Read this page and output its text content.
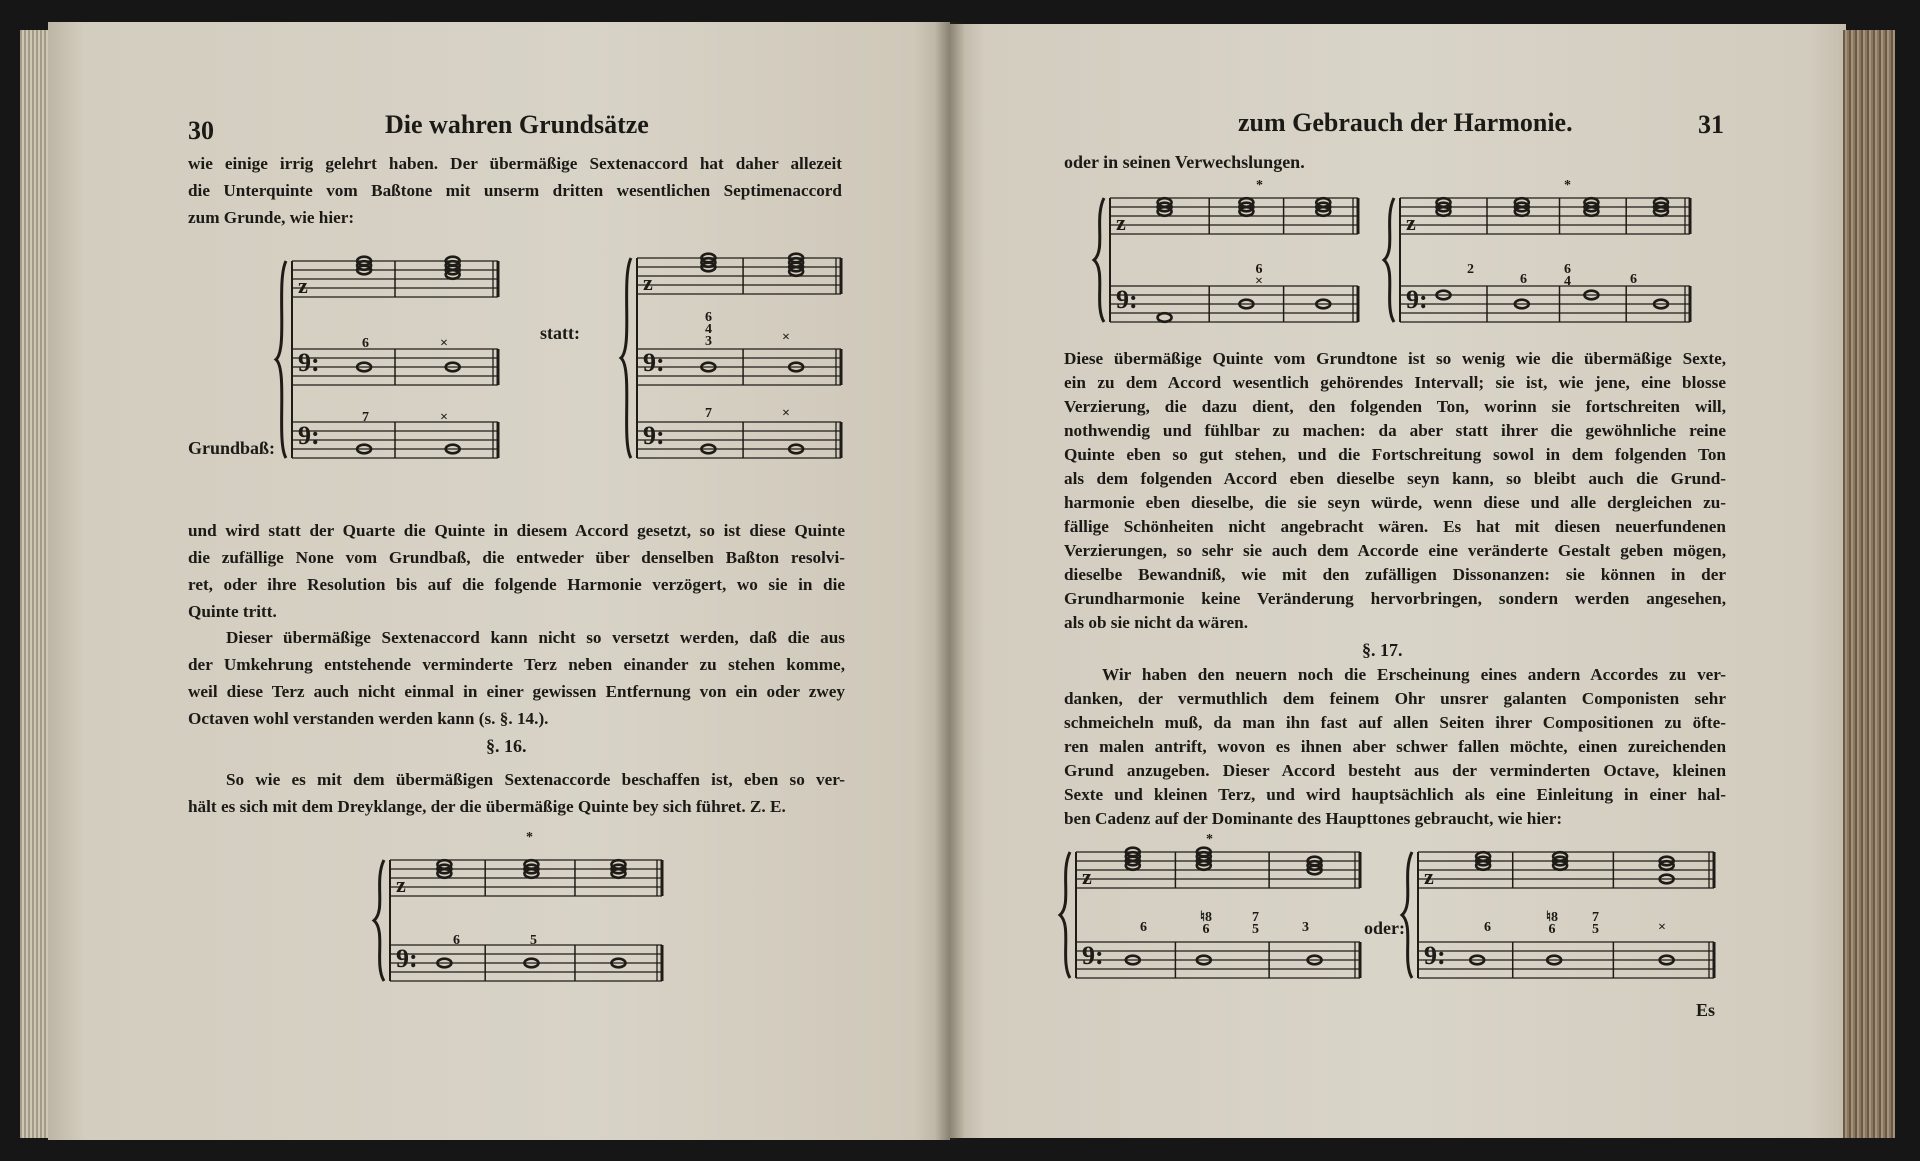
z
9:
9:
z
9:
9:
z
9:
z
9:
z
9:
z
9:
z
9:
30	Die wahren Grundsätze
wie einige irrig gelehrt haben. Der übermäßige Sextenaccord hat daher allezeit
die Unterquinte vom Baßtone mit unserm dritten wesentlichen Septimenaccord
zum Grunde, wie hier:
Grundbaß:
statt:
6	×
7	×
6
4
3	×
7	×
und wird statt der Quarte die Quinte in diesem Accord gesetzt, so ist diese Quinte
die zufällige None vom Grundbaß, die entweder über denselben Baßton resolvi-
ret, oder ihre Resolution bis auf die folgende Harmonie verzögert, wo sie in die
Quinte tritt.
Dieser übermäßige Sextenaccord kann nicht so versetzt werden, daß die aus
der Umkehrung entstehende verminderte Terz neben einander zu stehen komme,
weil diese Terz auch nicht einmal in einer gewissen Entfernung von ein oder zwey
Octaven wohl verstanden werden kann (s. §. 14.).
§. 16.
So wie es mit dem übermäßigen Sextenaccorde beschaffen ist, eben so ver-
hält es sich mit dem Dreyklange, der die übermäßige Quinte bey sich führet. Z. E.
*
6	5
zum Gebrauch der Harmonie.	31
oder in seinen Verwechslungen.
*	*
6
×
2
6
6
4	6
Diese übermäßige Quinte vom Grundtone ist so wenig wie die übermäßige Sexte,
ein zu dem Accord wesentlich gehörendes Intervall; sie ist, wie jene, eine blosse
Verzierung, die dazu dient, den folgenden Ton, worinn sie fortschreiten will,
nothwendig und fühlbar zu machen: da aber statt ihrer die gewöhnliche reine
Quinte eben so gut stehen, und die Fortschreitung sowol in dem folgenden Ton
als dem folgenden Accord eben dieselbe seyn kann, so bleibt auch die Grund-
harmonie eben dieselbe, die sie seyn würde, wenn diese und alle dergleichen zu-
fällige Schönheiten nicht angebracht wären. Es hat mit diesen neuerfundenen
Verzierungen, so sehr sie auch dem Accorde eine veränderte Gestalt geben mögen,
dieselbe Bewandniß, wie mit den zufälligen Dissonanzen: sie können in der
Grundharmonie keine Veränderung hervorbringen, sondern werden angesehen,
als ob sie nicht da wären.
§. 17.
Wir haben den neuern noch die Erscheinung eines andern Accordes zu ver-
danken, der vermuthlich dem feinem Ohr unsrer galanten Componisten sehr
schmeicheln muß, da man ihn fast auf allen Seiten ihrer Compositionen zu öfte-
ren malen antrift, wovon es ihnen aber schwer fallen möchte, einen zureichenden
Grund anzugeben. Dieser Accord besteht aus der verminderten Octave, kleinen
Sexte und kleinen Terz, und wird hauptsächlich als eine Einleitung in einer hal-
ben Cadenz auf der Dominante des Haupttones gebraucht, wie hier:
*
6
♮8
6
7
5	3	oder:	6
♮8
6
7
5	×
Es
